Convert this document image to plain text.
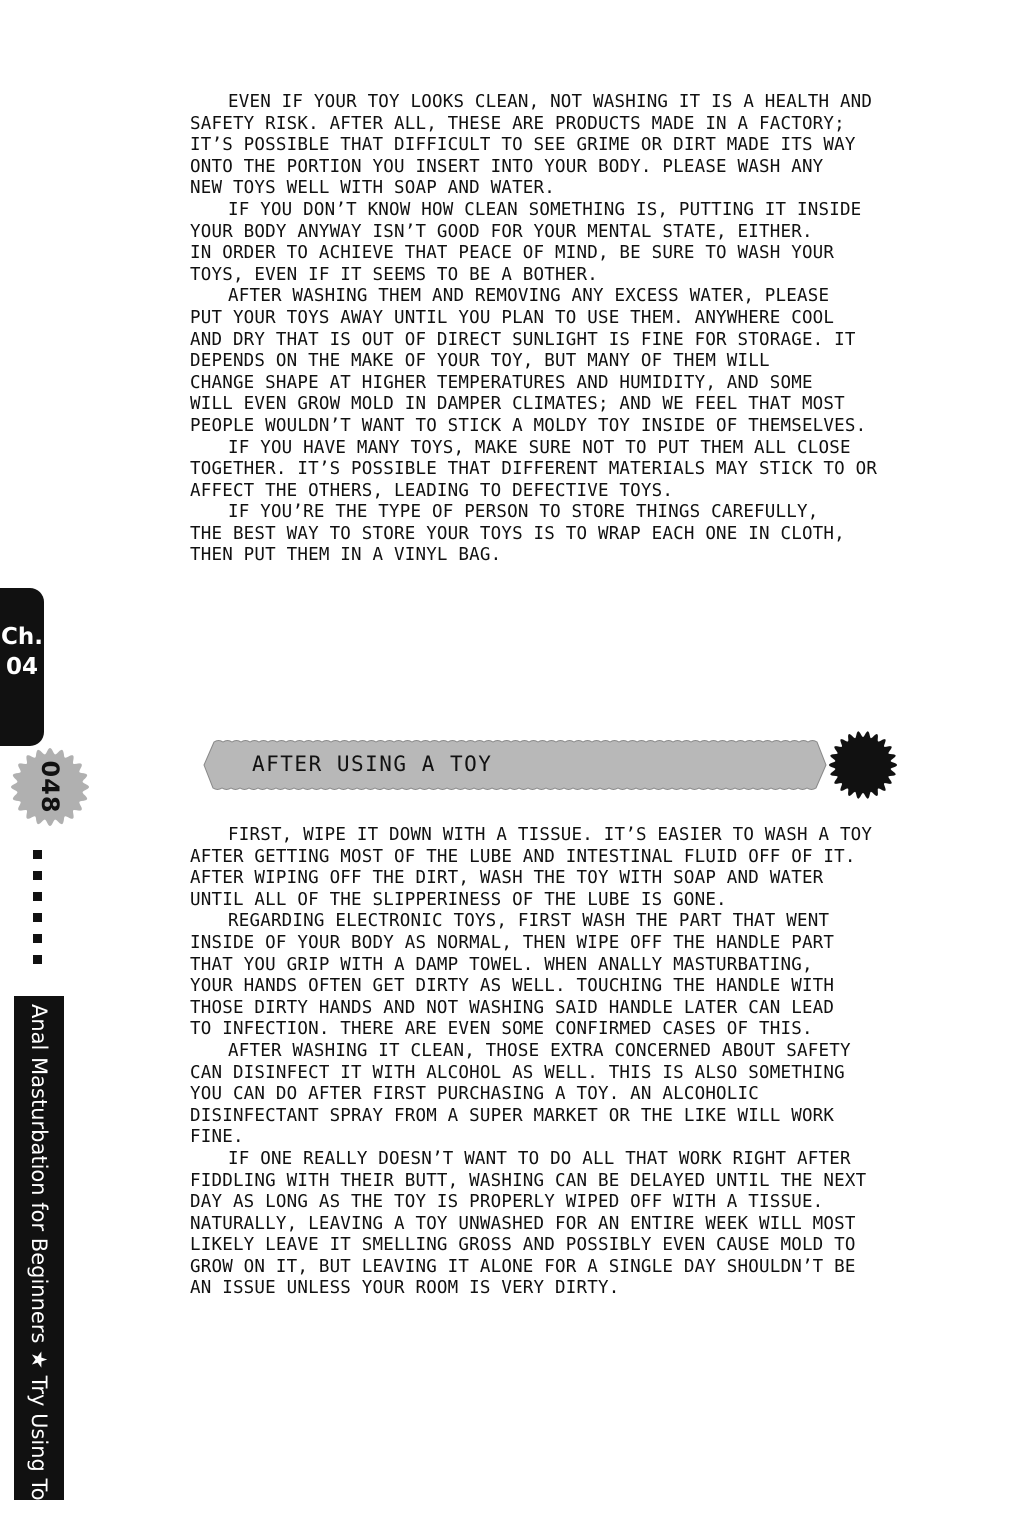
EVEN IF YOUR TOY LOOKS CLEAN, NOT WASHING IT IS A HEALTH AND
SAFETY RISK. AFTER ALL, THESE ARE PRODUCTS MADE IN A FACTORY;
IT’S POSSIBLE THAT DIFFICULT TO SEE GRIME OR DIRT MADE ITS WAY
ONTO THE PORTION YOU INSERT INTO YOUR BODY. PLEASE WASH ANY
NEW TOYS WELL WITH SOAP AND WATER.
IF YOU DON’T KNOW HOW CLEAN SOMETHING IS, PUTTING IT INSIDE
YOUR BODY ANYWAY ISN’T GOOD FOR YOUR MENTAL STATE, EITHER.
IN ORDER TO ACHIEVE THAT PEACE OF MIND, BE SURE TO WASH YOUR
TOYS, EVEN IF IT SEEMS TO BE A BOTHER.
AFTER WASHING THEM AND REMOVING ANY EXCESS WATER, PLEASE
PUT YOUR TOYS AWAY UNTIL YOU PLAN TO USE THEM. ANYWHERE COOL
AND DRY THAT IS OUT OF DIRECT SUNLIGHT IS FINE FOR STORAGE. IT
DEPENDS ON THE MAKE OF YOUR TOY, BUT MANY OF THEM WILL
CHANGE SHAPE AT HIGHER TEMPERATURES AND HUMIDITY, AND SOME
WILL EVEN GROW MOLD IN DAMPER CLIMATES; AND WE FEEL THAT MOST
PEOPLE WOULDN’T WANT TO STICK A MOLDY TOY INSIDE OF THEMSELVES.
IF YOU HAVE MANY TOYS, MAKE SURE NOT TO PUT THEM ALL CLOSE
TOGETHER. IT’S POSSIBLE THAT DIFFERENT MATERIALS MAY STICK TO OR
AFFECT THE OTHERS, LEADING TO DEFECTIVE TOYS.
IF YOU’RE THE TYPE OF PERSON TO STORE THINGS CAREFULLY,
THE BEST WAY TO STORE YOUR TOYS IS TO WRAP EACH ONE IN CLOTH,
THEN PUT THEM IN A VINYL BAG.
Ch.
04
048
Anal Masturbation for Beginners ★ Try Using Toys
AFTER USING A TOY
FIRST, WIPE IT DOWN WITH A TISSUE. IT’S EASIER TO WASH A TOY
AFTER GETTING MOST OF THE LUBE AND INTESTINAL FLUID OFF OF IT.
AFTER WIPING OFF THE DIRT, WASH THE TOY WITH SOAP AND WATER
UNTIL ALL OF THE SLIPPERINESS OF THE LUBE IS GONE.
REGARDING ELECTRONIC TOYS, FIRST WASH THE PART THAT WENT
INSIDE OF YOUR BODY AS NORMAL, THEN WIPE OFF THE HANDLE PART
THAT YOU GRIP WITH A DAMP TOWEL. WHEN ANALLY MASTURBATING,
YOUR HANDS OFTEN GET DIRTY AS WELL. TOUCHING THE HANDLE WITH
THOSE DIRTY HANDS AND NOT WASHING SAID HANDLE LATER CAN LEAD
TO INFECTION. THERE ARE EVEN SOME CONFIRMED CASES OF THIS.
AFTER WASHING IT CLEAN, THOSE EXTRA CONCERNED ABOUT SAFETY
CAN DISINFECT IT WITH ALCOHOL AS WELL. THIS IS ALSO SOMETHING
YOU CAN DO AFTER FIRST PURCHASING A TOY. AN ALCOHOLIC
DISINFECTANT SPRAY FROM A SUPER MARKET OR THE LIKE WILL WORK
FINE.
IF ONE REALLY DOESN’T WANT TO DO ALL THAT WORK RIGHT AFTER
FIDDLING WITH THEIR BUTT, WASHING CAN BE DELAYED UNTIL THE NEXT
DAY AS LONG AS THE TOY IS PROPERLY WIPED OFF WITH A TISSUE.
NATURALLY, LEAVING A TOY UNWASHED FOR AN ENTIRE WEEK WILL MOST
LIKELY LEAVE IT SMELLING GROSS AND POSSIBLY EVEN CAUSE MOLD TO
GROW ON IT, BUT LEAVING IT ALONE FOR A SINGLE DAY SHOULDN’T BE
AN ISSUE UNLESS YOUR ROOM IS VERY DIRTY.
